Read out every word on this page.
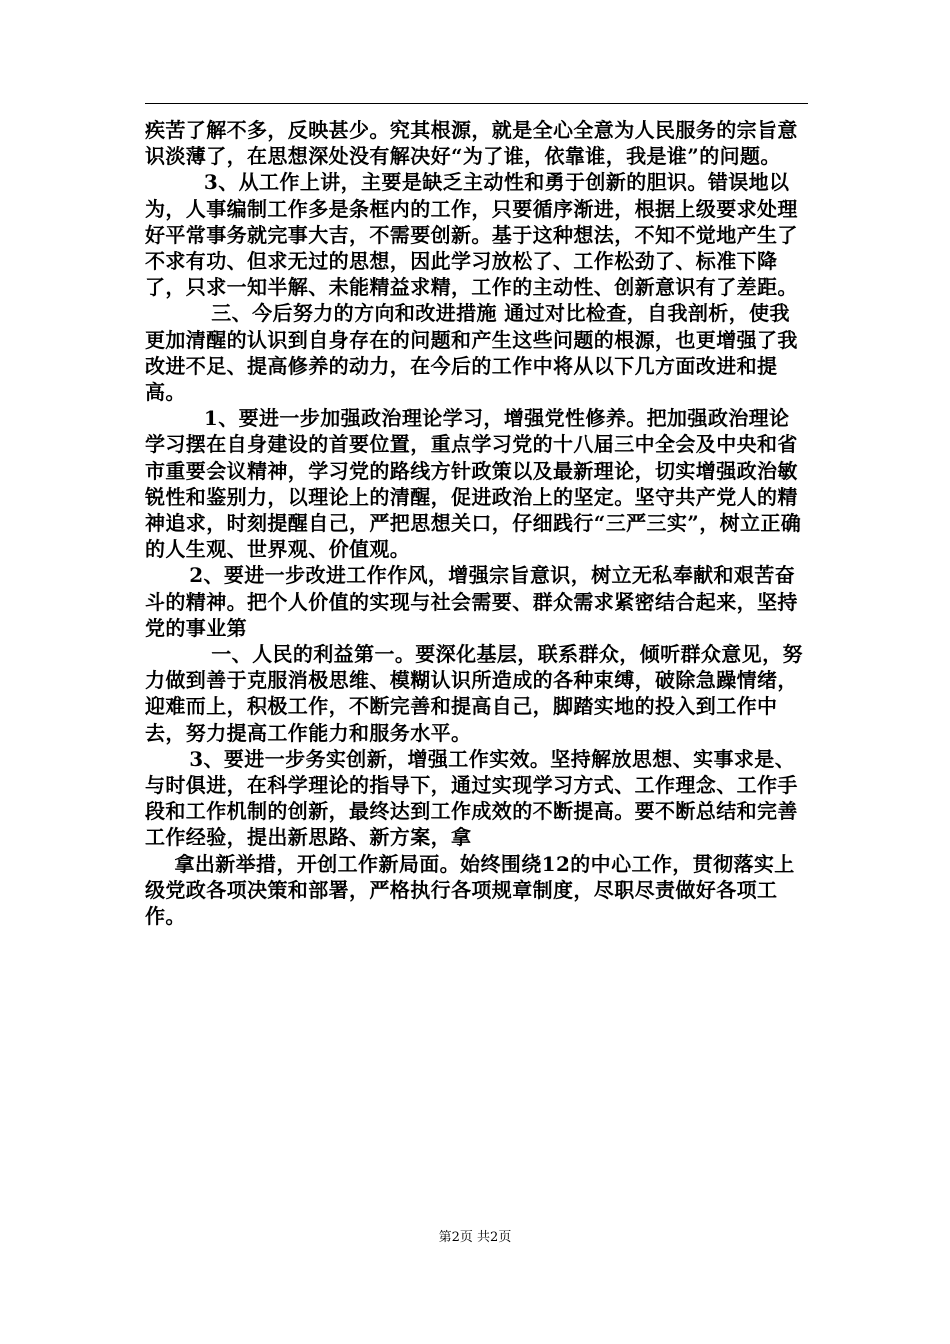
疾苦了解不多，反映甚少。究其根源，就是全心全意为人民服务的宗旨意识淡薄了，在思想深处没有解决好“为了谁，依靠谁，我是谁”的问题。

3、从工作上讲，主要是缺乏主动性和勇于创新的胆识。错误地以为，人事编制工作多是条框内的工作，只要循序渐进，根据上级要求处理好平常事务就完事大吉，不需要创新。基于这种想法，不知不觉地产生了不求有功、但求无过的思想，因此学习放松了、工作松劲了、标准下降了，只求一知半解、未能精益求精，工作的主动性、创新意识有了差距。

三、今后努力的方向和改进措施 通过对比检查，自我剖析，使我更加清醒的认识到自身存在的问题和产生这些问题的根源，也更增强了我改进不足、提高修养的动力，在今后的工作中将从以下几方面改进和提高。

1、要进一步加强政治理论学习，增强党性修养。把加强政治理论学习摆在自身建设的首要位置，重点学习党的十八届三中全会及中央和省市重要会议精神，学习党的路线方针政策以及最新理论，切实增强政治敏锐性和鉴别力，以理论上的清醒，促进政治上的坚定。坚守共产党人的精神追求，时刻提醒自己，严把思想关口，仔细践行“三严三实”，树立正确的人生观、世界观、价值观。

2、要进一步改进工作作风，增强宗旨意识，树立无私奉献和艰苦奋斗的精神。把个人价值的实现与社会需要、群众需求紧密结合起来，坚持党的事业第

一、人民的利益第一。要深化基层，联系群众，倾听群众意见，努力做到善于克服消极思维、模糊认识所造成的各种束缚，破除急躁情绪，迎难而上，积极工作，不断完善和提高自己，脚踏实地的投入到工作中去，努力提高工作能力和服务水平。

3、要进一步务实创新，增强工作实效。坚持解放思想、实事求是、与时俱进，在科学理论的指导下，通过实现学习方式、工作理念、工作手段和工作机制的创新，最终达到工作成效的不断提高。要不断总结和完善工作经验，提出新思路、新方案，拿

拿出新举措，开创工作新局面。始终围绕12的中心工作，贯彻落实上级党政各项决策和部署，严格执行各项规章制度，尽职尽责做好各项工作。

第2页 共2页
